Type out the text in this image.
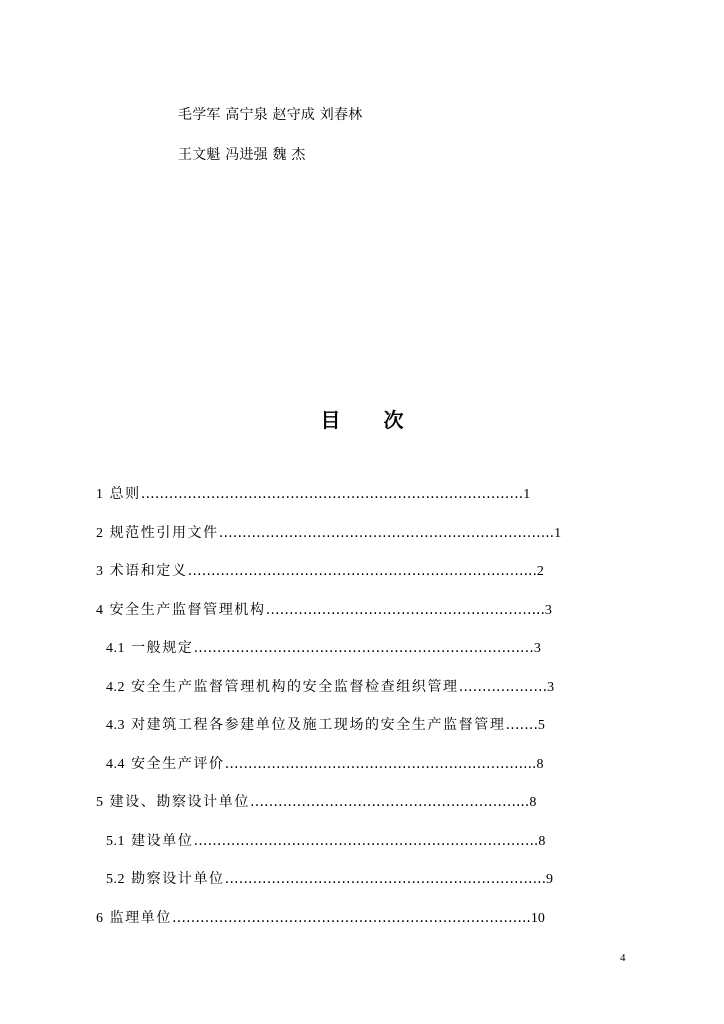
毛学军 高宁泉 赵守成 刘春林
王文魁 冯进强 魏 杰
目 次
1 总则……………………………………………………………………….1
2 规范性引用文件……………………………………………………………...1
3 术语和定义………………………………………………………………...2
4 安全生产监督管理机构…………………………………………………...3
4.1 一般规定…………………………………………………………….…3
4.2 安全生产监督管理机构的安全监督检查组织管理……………….3
4.3 对建筑工程各参建单位及施工现场的安全生产监督管理…….5
4.4 安全生产评价………………………………………………………....8
5 建设、勘察设计单位…………………………………………………...8
5.1 建设单位………………………………………………………………..8
5.2 勘察设计单位…………………………………………………………...9
6 监理单位…………………………………………………………………..10
4
